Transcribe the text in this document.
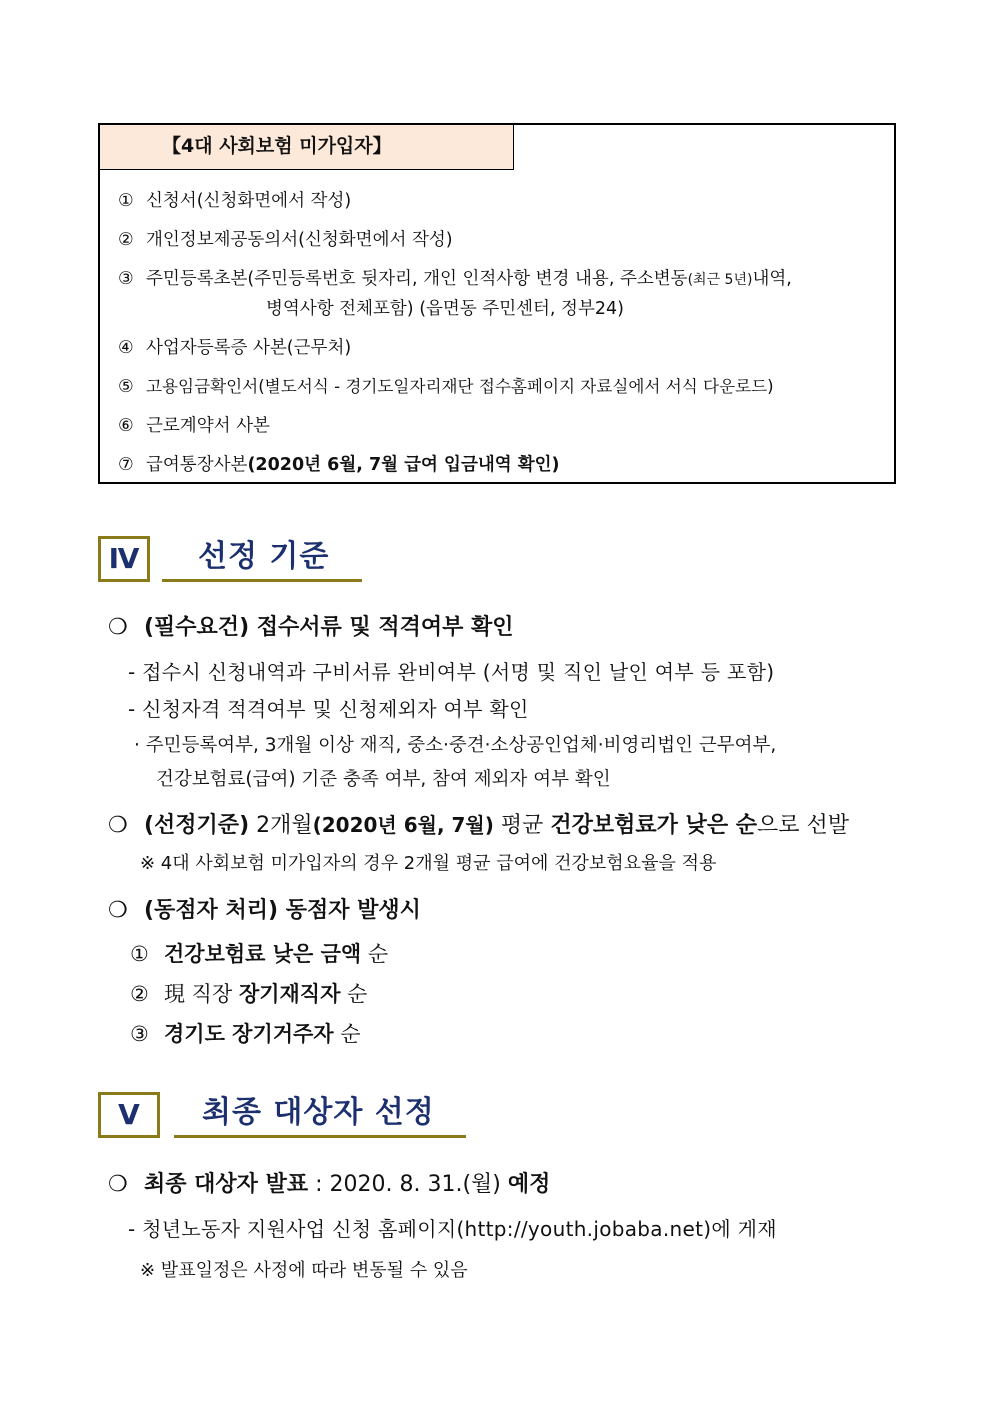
【4대 사회보험 미가입자】
① 신청서(신청화면에서 작성)
② 개인정보제공동의서(신청화면에서 작성)
③ 주민등록초본(주민등록번호 뒷자리, 개인 인적사항 변경 내용, 주소변동(최근 5년)내역,
병역사항 전체포함) (읍면동 주민센터, 정부24)
④ 사업자등록증 사본(근무처)
⑤ 고용임금확인서(별도서식 - 경기도일자리재단 접수홈페이지 자료실에서 서식 다운로드)
⑥ 근로계약서 사본
⑦ 급여통장사본(2020년 6월, 7월 급여 입금내역 확인)
Ⅳ	선정 기준
❍ (필수요건) 접수서류 및 적격여부 확인
- 접수시 신청내역과 구비서류 완비여부 (서명 및 직인 날인 여부 등 포함)
- 신청자격 적격여부 및 신청제외자 여부 확인
· 주민등록여부, 3개월 이상 재직, 중소·중견·소상공인업체·비영리법인 근무여부,
건강보험료(급여) 기준 충족 여부, 참여 제외자 여부 확인
❍ (선정기준) 2개월(2020년 6월, 7월) 평균 건강보험료가 낮은 순으로 선발
※ 4대 사회보험 미가입자의 경우 2개월 평균 급여에 건강보험요율을 적용
❍ (동점자 처리) 동점자 발생시
① 건강보험료 낮은 금액 순
② 現 직장 장기재직자 순
③ 경기도 장기거주자 순
Ⅴ	최종 대상자 선정
❍ 최종 대상자 발표 : 2020. 8. 31.(월) 예정
- 청년노동자 지원사업 신청 홈페이지(http://youth.jobaba.net)에 게재
※ 발표일정은 사정에 따라 변동될 수 있음
